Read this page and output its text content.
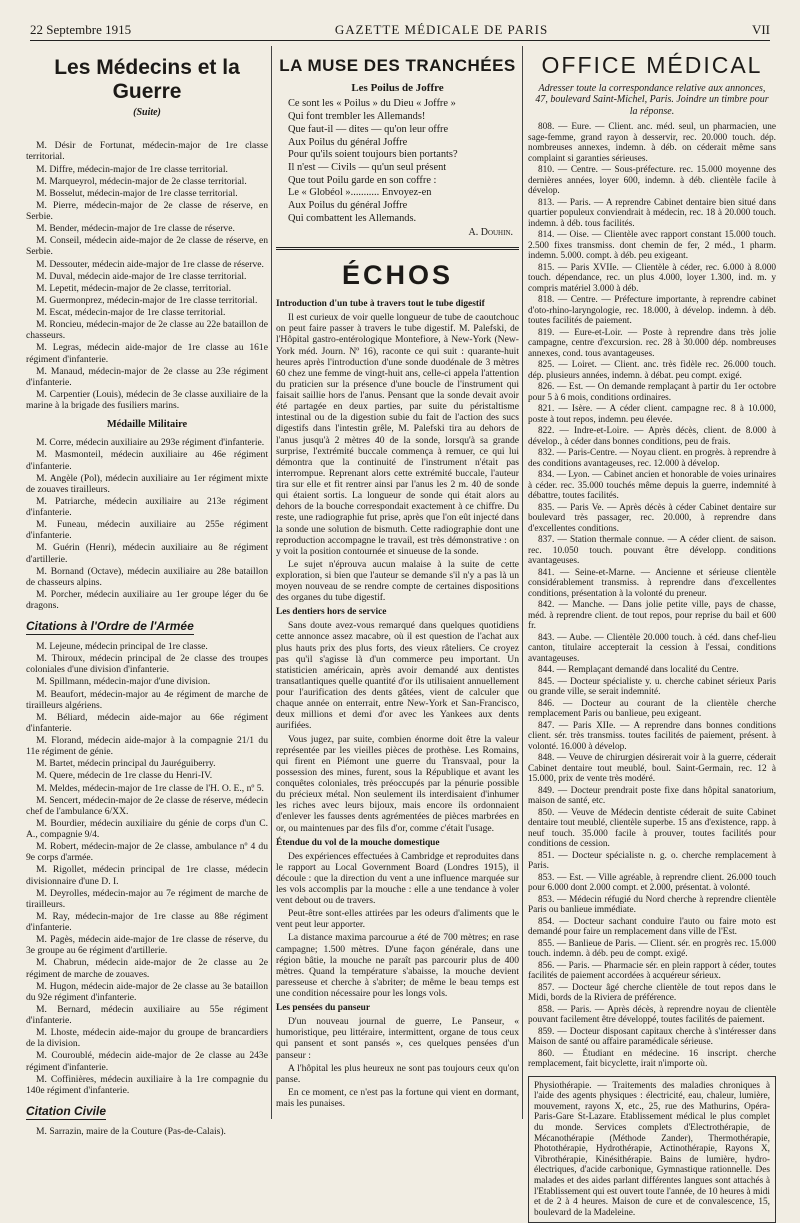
22 Septembre 1915	GAZETTE MÉDICALE DE PARIS	VII
Les Médecins et la Guerre
(Suite)
M. Désir de Fortunat, médecin-major de 1re classe territorial.
M. Diffre, médecin-major de 1re classe territorial.
M. Marqueyrol, médecin-major de 2e classe territorial.
M. Bosselut, médecin-major de 1re classe territorial.
M. Pierre, médecin-major de 2e classe de réserve, en Serbie.
M. Bender, médecin-major de 1re classe de réserve.
M. Conseil, médecin aide-major de 2e classe de réserve, en Serbie.
M. Dessouter, médecin aide-major de 1re classe de réserve.
M. Duval, médecin aide-major de 1re classe territorial.
M. Lepetit, médecin-major de 2e classe, territorial.
M. Guermonprez, médecin-major de 1re classe territorial.
M. Escat, médecin-major de 1re classe territorial.
M. Roncieu, médecin-major de 2e classe au 22e bataillon de chasseurs.
M. Legras, médecin aide-major de 1re classe au 161e régiment d'infanterie.
M. Manaud, médecin-major de 2e classe au 23e régiment d'infanterie.
M. Carpentier (Louis), médecin de 3e classe auxiliaire de la marine à la brigade des fusiliers marins.
Médaille Militaire
M. Corre, médecin auxiliaire au 293e régiment d'infanterie.
M. Masmonteil, médecin auxiliaire au 46e régiment d'infanterie.
M. Angèle (Pol), médecin auxiliaire au 1er régiment mixte de zouaves tirailleurs.
M. Patriarche, médecin auxiliaire au 213e régiment d'infanterie.
M. Funeau, médecin auxiliaire au 255e régiment d'infanterie.
M. Guérin (Henri), médecin auxiliaire au 8e régiment d'artillerie.
M. Bornand (Octave), médecin auxiliaire au 28e bataillon de chasseurs alpins.
M. Porcher, médecin auxiliaire au 1er groupe léger du 6e dragons.
Citations à l'Ordre de l'Armée
M. Lejeune, médecin principal de 1re classe.
M. Thiroux, médecin principal de 2e classe des troupes coloniales d'une division d'infanterie.
M. Spillmann, médecin-major d'une division.
M. Beaufort, médecin-major au 4e régiment de marche de tirailleurs algériens.
M. Béliard, médecin aide-major au 66e régiment d'infanterie.
M. Florand, médecin aide-major à la compagnie 21/1 du 11e régiment de génie.
M. Bartet, médecin principal du Jauréguiberry.
M. Quere, médecin de 1re classe du Henri-IV.
M. Meldes, médecin-major de 1re classe de l'H. O. E., nº 5.
M. Sencert, médecin-major de 2e classe de réserve, médecin chef de l'ambulance 6/XX.
M. Bourdier, médecin auxiliaire du génie de corps d'un C. A., compagnie 9/4.
M. Robert, médecin-major de 2e classe, ambulance nº 4 du 9e corps d'armée.
M. Rigollet, médecin principal de 1re classe, médecin divisionnaire d'une D. I.
M. Deyrolles, médecin-major au 7e régiment de marche de tirailleurs.
M. Ray, médecin-major de 1re classe au 88e régiment d'infanterie.
M. Pagès, médecin aide-major de 1re classe de réserve, du 3e groupe au 6e régiment d'artillerie.
M. Chabrun, médecin aide-major de 2e classe au 2e régiment de marche de zouaves.
M. Hugon, médecin aide-major de 2e classe au 3e bataillon du 92e régiment d'infanterie.
M. Bernard, médecin auxiliaire au 55e régiment d'infanterie.
M. Lhoste, médecin aide-major du groupe de brancardiers de la division.
M. Couroublé, médecin aide-major de 2e classe au 243e régiment d'infanterie.
M. Coffinières, médecin auxiliaire à la 1re compagnie du 140e régiment d'infanterie.
Citation Civile
M. Sarrazin, maire de la Couture (Pas-de-Calais).
LA MUSE DES TRANCHÉES
Les Poilus de Joffre
Ce sont les « Poilus » du Dieu « Joffre »
Qui font trembler les Allemands!
Que faut-il — dites — qu'on leur offre
Aux Poilus du général Joffre
Pour qu'ils soient toujours bien portants?
Il n'est — Civils — qu'un seul présent
Que tout Poilu garde en son coffre :
Le « Globéol »........... Envoyez-en
Aux Poilus du général Joffre
Qui combattent les Allemands.
A. Douhin.
ÉCHOS
Introduction d'un tube à travers tout le tube digestif

Il est curieux de voir quelle longueur de tube de caoutchouc on peut faire passer à travers le tube digestif. M. Palefski, de l'Hôpital gastro-entérologique Montefiore, à New-York (New-York méd. Journ. Nº 16), raconte ce qui suit : quarante-huit heures après l'introduction d'une sonde duodénale de 3 mètres 60 chez une femme de vingt-huit ans, celle-ci appela l'attention du praticien sur la présence d'une boucle de l'instrument qui faisait saillie hors de l'anus. Pensant que la sonde devait avoir été partagée en deux parties, par suite du péristaltisme intestinal ou de la digestion subie du fait de l'action des sucs digestifs dans l'intestin grêle, M. Palefski tira au dehors de l'anus jusqu'à 2 mètres 40 de la sonde, lorsqu'à sa grande surprise, l'extrémité buccale commença à remuer, ce qui lui démontra que la continuité de l'instrument n'était pas interrompue. Reprenant alors cette extrémité buccale, l'auteur tira sur elle et fit rentrer ainsi par l'anus les 2 m. 40 de sonde qui étaient sortis. La longueur de sonde qui était alors au dehors de la bouche correspondait exactement à ce chiffre. Du reste, une radiographie fut prise, après que l'on eût injecté dans la sonde une solution de bismuth. Cette radiographie dont une reproduction accompagne le travail, est très démonstrative : on y voit la position contournée et sinueuse de la sonde.

Le sujet n'éprouva aucun malaise à la suite de cette exploration, si bien que l'auteur se demande s'il n'y a pas là un moyen nouveau de se rendre compte de certaines dispositions des organes du tube digestif.

Les dentiers hors de service

Sans doute avez-vous remarqué dans quelques quotidiens cette annonce assez macabre, où il est question de l'achat aux plus hauts prix des plus forts, des vieux râteliers. Ce croyez pas qu'il s'agisse là d'un commerce peu important. Un statisticien américain, après avoir demandé aux dentistes transatlantiques quelle quantité d'or ils utilisaient annuellement pour l'aurification des dents gâtées, vient de calculer que chaque année on enterrait, entre New-York et San-Francisco, deux millions et demi d'or avec les Yankees aux dents aurifiées.

Vous jugez, par suite, combien énorme doit être la valeur représentée par les vieilles pièces de prothèse. Les Romains, qui firent en Piémont une guerre du Transvaal, pour la possession des mines, furent, sous la République et avant les conquêtes coloniales, très préoccupés par la pénurie possible du précieux métal. Non seulement ils interdisaient d'inhumer les riches avec leurs bijoux, mais encore ils ordonnaient d'enlever les fausses dents agrémentées de pièces marbrées en or, ou maintenues par des fils d'or, comme c'était l'usage.

Étendue du vol de la mouche domestique

Des expériences effectuées à Cambridge et reproduites dans le rapport au Local Government Board (Londres 1915), il découle : que la direction du vent a une influence marquée sur les vols accomplis par la mouche : elle a une tendance à voler vent debout ou de travers.

Peut-être sont-elles attirées par les odeurs d'aliments que le vent peut leur apporter.

La distance maxima parcourue a été de 700 mètres; en rase campagne; 1.500 mètres. D'une façon générale, dans une région bâtie, la mouche ne paraît pas parcourir plus de 400 mètres. Quand la température s'abaisse, la mouche devient paresseuse et cherche à s'abriter; de même le beau temps est une condition nécessaire pour les longs vols.

Les pensées du panseur

D'un nouveau journal de guerre, Le Panseur, « humoristique, peu littéraire, intermittent, organe de tous ceux qui pansent et sont pansés », ces quelques pensées d'un panseur :

A l'hôpital les plus heureux ne sont pas toujours ceux qu'on panse.

En ce moment, ce n'est pas la fortune qui vient en dormant, mais les punaises.

OFFICE MÉDICAL
Adresser toute la correspondance relative aux annonces, 47, boulevard Saint-Michel, Paris. Joindre un timbre pour la réponse.
808. — Eure. — Client. anc. méd. seul, un pharmacien, une sage-femme, grand rayon à desservir, rec. 20.000 touch. dép. nombreuses annexes, indemn. à déb. on céderait même sans complaint si garanties sérieuses.
810. — Centre. — Sous-préfecture. rec. 15.000 moyenne des dernières années, loyer 600, indemn. à déb. clientèle facile à dévelop.
813. — Paris. — A reprendre Cabinet dentaire bien situé dans quartier populeux conviendrait à médecin, rec. 18 à 20.000 touch. indemn. à déb. tous facilités.
814. — Oise. — Clientèle avec rapport constant 15.000 touch. 2.500 fixes transmiss. dont chemin de fer, 2 méd., 1 pharm. indemn. 5.000. compt. à déb. peu exigeant.
815. — Paris XVIIe. — Clientèle à céder, rec. 6.000 à 8.000 touch. dépendance, rec. un plus 4.000, loyer 1.300, ind. m. y compris matériel 3.000 à déb.
818. — Centre. — Préfecture importante, à reprendre cabinet d'oto-rhino-laryngologie, rec. 18.000, à dévelop. indemn. à déb. toutes facilités de paiement.
819. — Eure-et-Loir. — Poste à reprendre dans très jolie campagne, centre d'excursion. rec. 28 à 30.000 dép. nombreuses annexes, cond. tous avantageuses.
825. — Loiret. — Client. anc. très fidèle rec. 26.000 touch. dép. plusieurs années, indemn. à débat. peu compt. exigé.
826. — Est. — On demande remplaçant à partir du 1er octobre pour 5 à 6 mois, conditions ordinaires.
821. — Isère. — A céder client. campagne rec. 8 à 10.000, poste à tout repos, indemn. peu élevée.
822. — Indre-et-Loire. — Après décès, client. de 8.000 à dévelop., à céder dans bonnes conditions, peu de frais.
832. — Paris-Centre. — Noyau client. en progrès. à reprendre à des conditions avantageuses, rec. 12.000 à dévelop.
834. — Lyon. — Cabinet ancien et honorable de voies urinaires à céder. rec. 35.000 touchés même depuis la guerre, indemnité à débattre, toutes facilités.
835. — Paris Ve. — Après décès à céder Cabinet dentaire sur boulevard très passager, rec. 20.000, à reprendre dans d'excellentes conditions.
837. — Station thermale connue. — A céder client. de saison. rec. 10.050 touch. pouvant être développ. conditions avantageuses.
841. — Seine-et-Marne. — Ancienne et sérieuse clientèle considérablement transmiss. à reprendre dans d'excellentes conditions, présentation à la volonté du preneur.
842. — Manche. — Dans jolie petite ville, pays de chasse, méd. à reprendre client. de tout repos, pour reprise du bail et 600 fr.
843. — Aube. — Clientèle 20.000 touch. à céd. dans chef-lieu canton, titulaire accepterait la cession à l'essai, conditions avantageuses.
844. — Remplaçant demandé dans localité du Centre.
845. — Docteur spécialiste y. u. cherche cabinet sérieux Paris ou grande ville, se serait indemnité.
846. — Docteur au courant de la clientèle cherche remplacement Paris ou banlieue, peu exigeant.
847. — Paris XIIe. — A reprendre dans bonnes conditions client. sér. très transmiss. toutes facilités de paiement, présent. à volonté. 16.000 à dévelop.
848. — Veuve de chirurgien désirerait voir à la guerre, céderait Cabinet dentaire tout meublé, boul. Saint-Germain, rec. 12 à 15.000, prix de vente très modéré.
849. — Docteur prendrait poste fixe dans hôpital sanatorium, maison de santé, etc.
850. — Veuve de Médecin dentiste céderait de suite Cabinet dentaire tout meublé, clientèle superbe. 15 ans d'existence, rapp. à neuf touch. 35.000 facile à prouver, toutes facilités pour conditions de cession.
851. — Docteur spécialiste n. g. o. cherche remplacement à Paris.
853. — Est. — Ville agréable, à reprendre client. 26.000 touch pour 6.000 dont 2.000 compt. et 2.000, présentat. à volonté.
853. — Médecin réfugié du Nord cherche à reprendre clientèle Paris ou banlieue immédiate.
854. — Docteur sachant conduire l'auto ou faire moto est demandé pour faire un remplacement dans ville de l'Est.
855. — Banlieue de Paris. — Client. sér. en progrès rec. 15.000 touch. indemn. à déb. peu de compt. exigé.
856. — Paris. — Pharmacie sér. en plein rapport à céder, toutes facilités de paiement accordées à acquéreur sérieux.
857. — Docteur âgé cherche clientèle de tout repos dans le Midi, bords de la Riviera de préférence.
858. — Paris. — Après décès, à reprendre noyau de clientèle pouvant facilement être développé, toutes facilités de paiement.
859. — Docteur disposant capitaux cherche à s'intéresser dans Maison de santé ou affaire paramédicale sérieuse.
860. — Étudiant en médecine. 16 inscript. cherche remplacement, fait bicyclette, irait n'importe où.
Physiothérapie. — Traitements des maladies chroniques à l'aide des agents physiques : électricité, eau, chaleur, lumière, mouvement, rayons X, etc., 25, rue des Mathurins, Opéra-Paris-Gare St-Lazare. Etablissement médical le plus complet du monde. Services complets d'Electrothérapie, de Mécanothérapie (Méthode Zander), Thermothérapie, Photothérapie, Hydrothérapie, Actinothérapie, Rayons X, Vibrothérapie, Kinésithérapie. Bains de lumière, hydro-électriques, d'acide carbonique, Gymnastique rationnelle. Des malades et des aides parlant différentes langues sont attachés à l'Etablissement qui est ouvert toute l'année, de 10 heures à midi et de 2 à 4 heures. Maison de cure et de convalescence, 15, boulevard de la Madeleine.
